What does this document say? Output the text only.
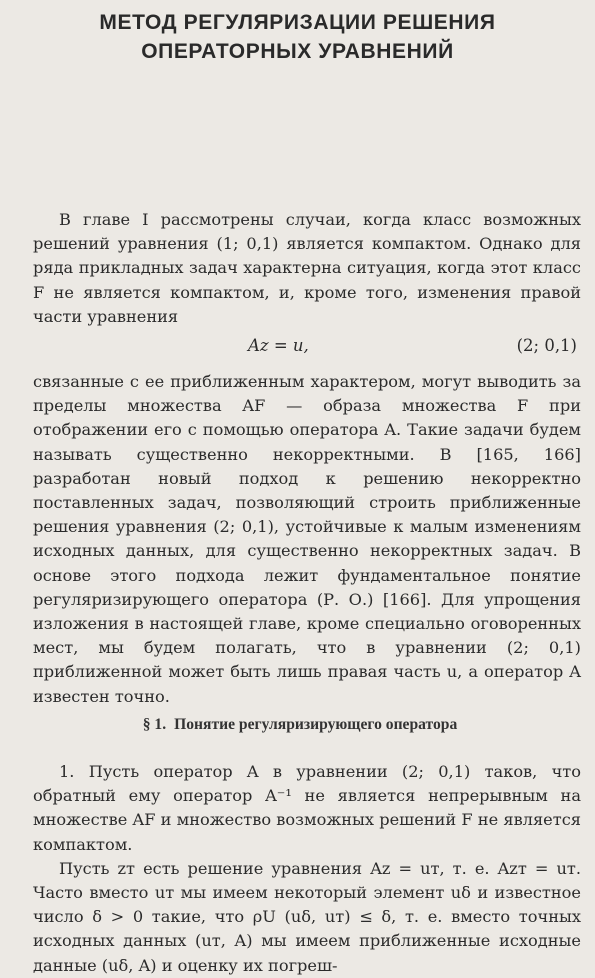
МЕТОД РЕГУЛЯРИЗАЦИИ РЕШЕНИЯ
ОПЕРАТОРНЫХ УРАВНЕНИЙ

В главе I рассмотрены случаи, когда класс возможных решений уравнения (1; 0,1) является компактом. Однако для ряда прикладных задач характерна ситуация, когда этот класс F не является компактом, и, кроме того, изменения правой части уравнения

Az = u,	(2; 0,1)

связанные с ее приближенным характером, могут выводить за пределы множества AF — образа множества F при отображении его с помощью оператора A. Такие задачи будем называть существенно некорректными. В [165, 166] разработан новый подход к решению некорректно поставленных задач, позволяющий строить приближенные решения уравнения (2; 0,1), устойчивые к малым изменениям исходных данных, для существенно некорректных задач. В основе этого подхода лежит фундаментальное понятие регуляризирующего оператора (Р. О.) [166]. Для упрощения изложения в настоящей главе, кроме специально оговоренных мест, мы будем полагать, что в уравнении (2; 0,1) приближенной может быть лишь правая часть u, а оператор A известен точно.

§ 1. Понятие регуляризирующего оператора

1. Пусть оператор A в уравнении (2; 0,1) таков, что обратный ему оператор A⁻¹ не является непрерывным на множестве AF и множество возможных решений F не является компактом.

Пусть zт есть решение уравнения Az = uт, т. е. Azт = uт. Часто вместо uт мы имеем некоторый элемент uδ и известное число δ > 0 такие, что ρU (uδ, uт) ≤ δ, т. е. вместо точных исходных данных (uт, A) мы имеем приближенные исходные данные (uδ, A) и оценку их погреш-
